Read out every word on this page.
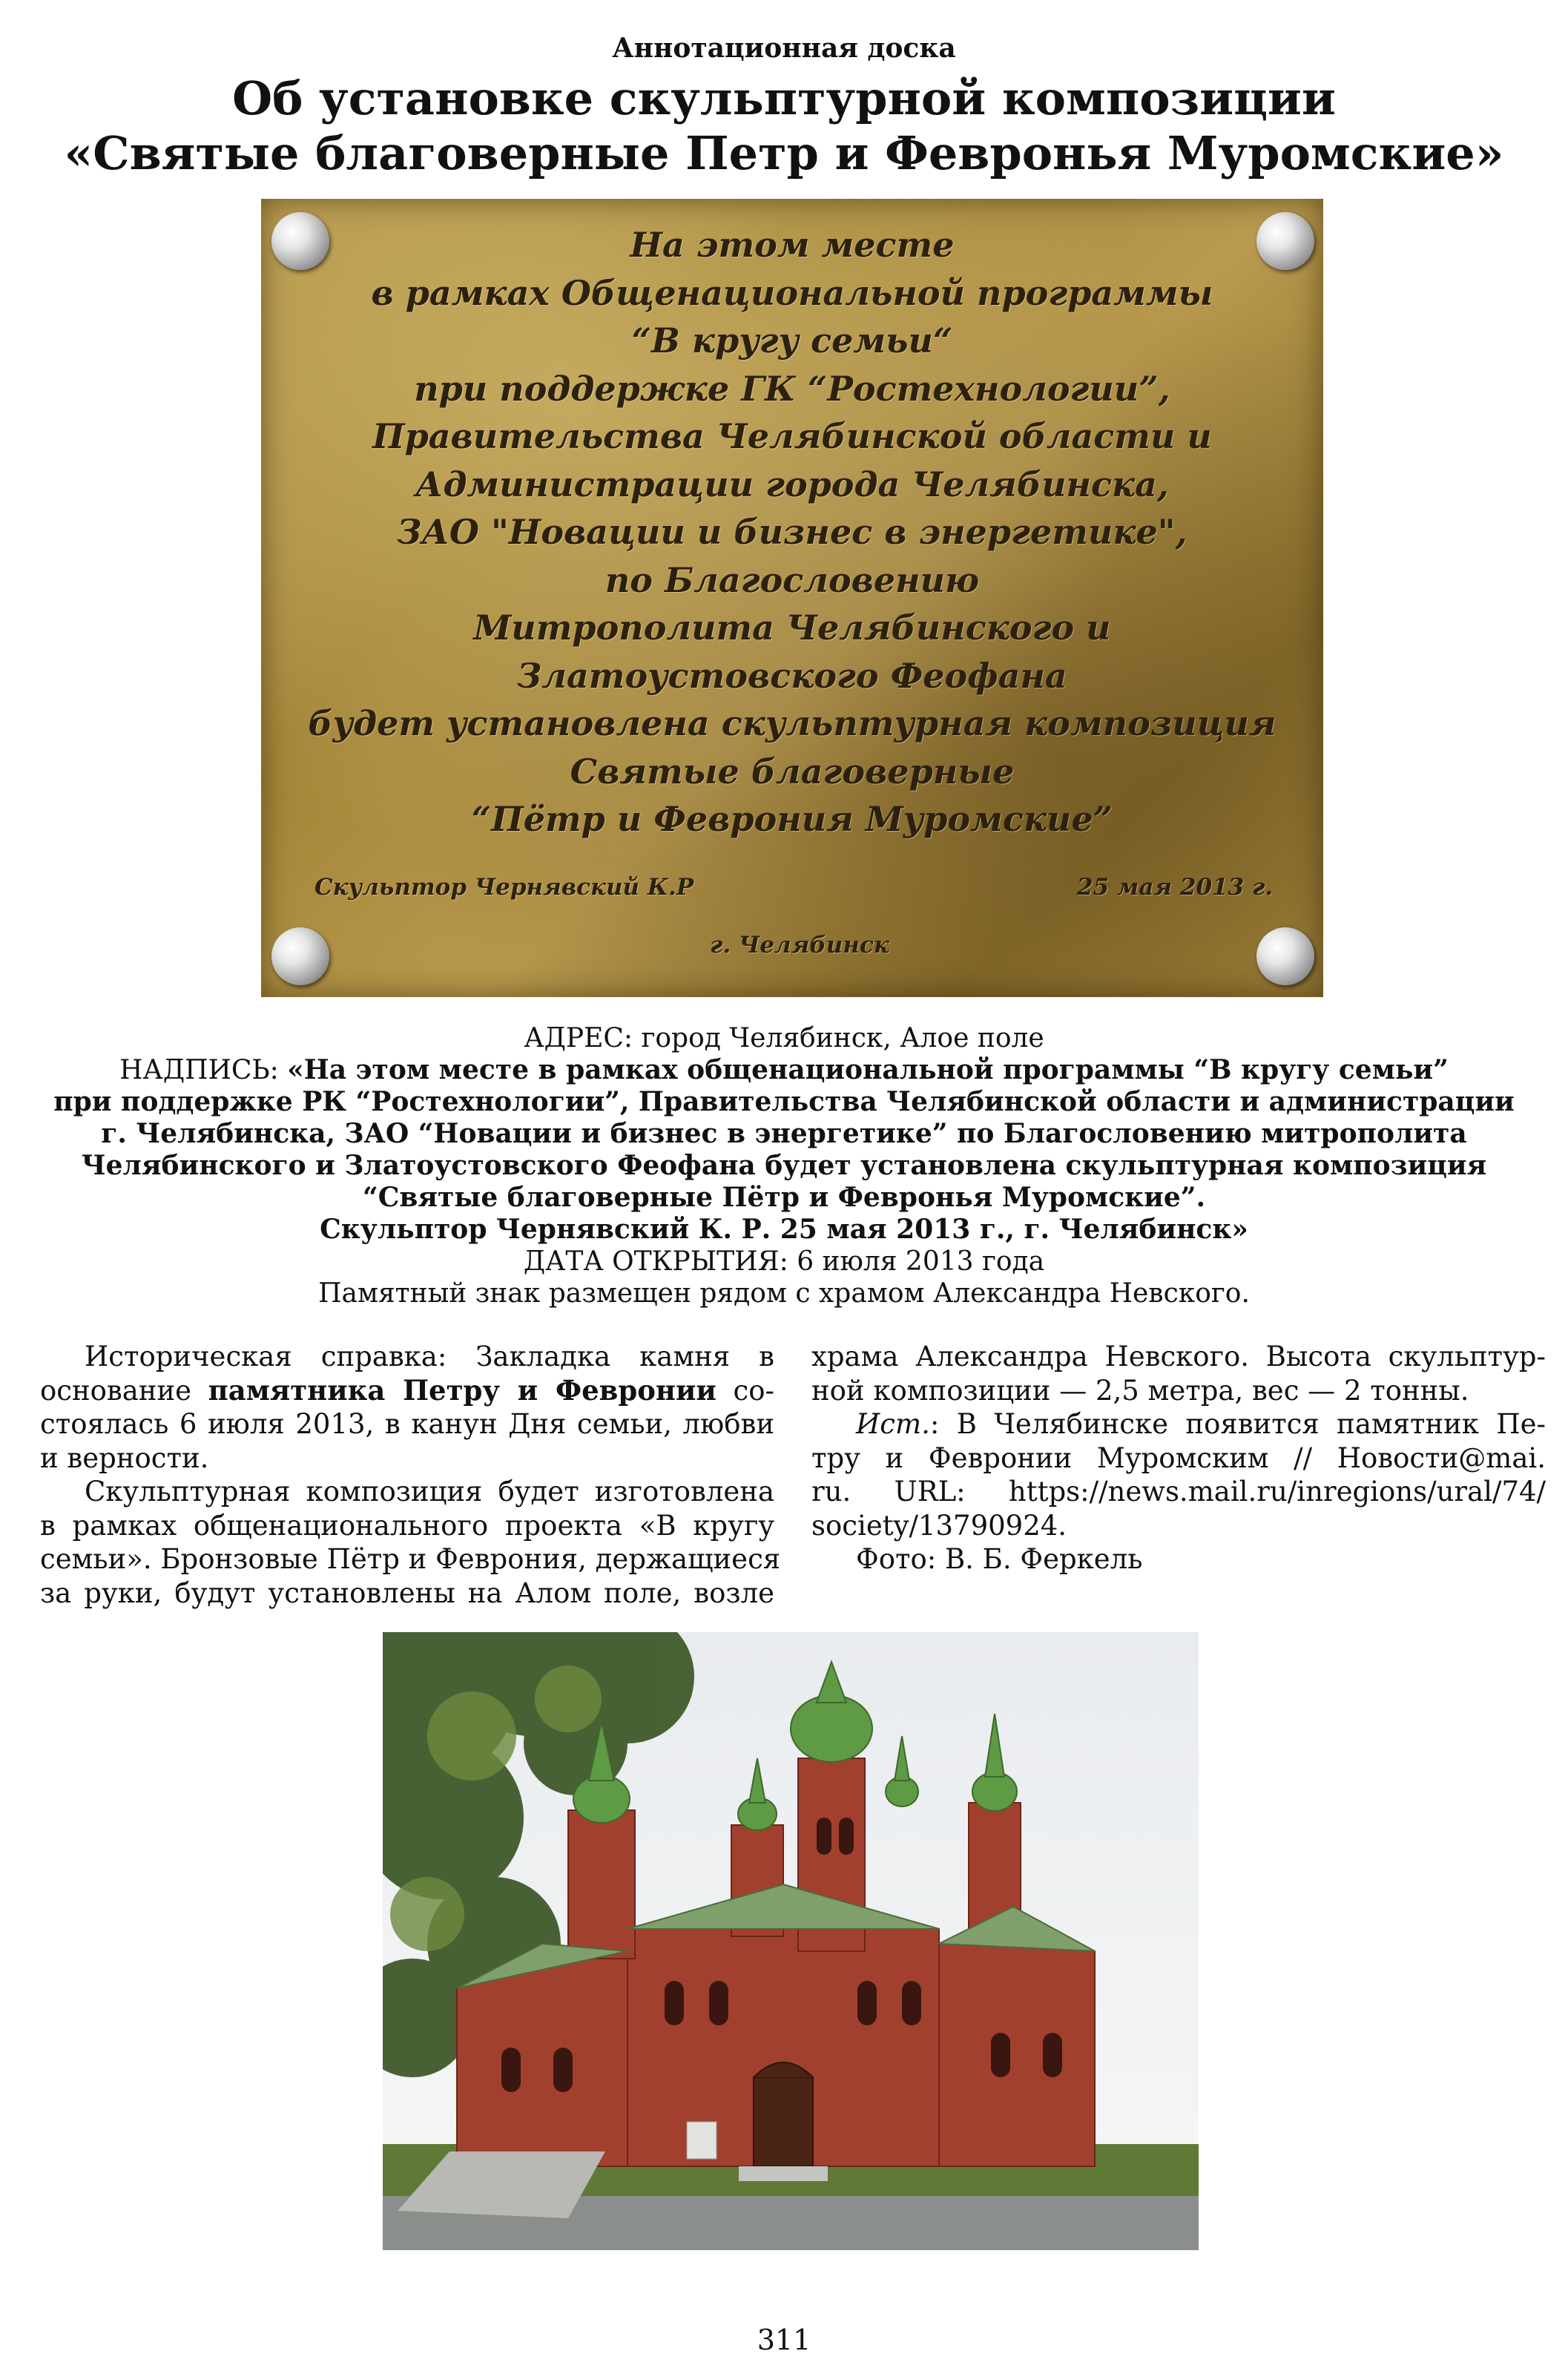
Аннотационная доска
Об установке скульптурной композиции
«Святые благоверные Петр и Февронья Муромские»
На этом месте
в рамках Общенациональной программы
“В кругу семьи“
при поддержке ГК “Ростехнологии”,
Правительства Челябинской области и
Администрации города Челябинска,
ЗАО "Новации и бизнес в энергетике",
по Благословению
Митрополита Челябинского и
Златоустовского Феофана
будет установлена скульптурная композиция
Святые благоверные
“Пётр и Феврония Муромские”
Скульптор Чернявский К.Р	25 мая 2013 г.
г. Челябинск
АДРЕС: город Челябинск, Алое поле
НАДПИСЬ: «На этом месте в рамках общенациональной программы “В кругу семьи”
при поддержке РК “Ростехнологии”, Правительства Челябинской области и администрации
г. Челябинска, ЗАО “Новации и бизнес в энергетике” по Благословению митрополита
Челябинского и Златоустовского Феофана будет установлена скульптурная композиция
“Святые благоверные Пётр и Февронья Муромские”.
Скульптор Чернявский К. Р. 25 мая 2013 г., г. Челябинск»
ДАТА ОТКРЫТИЯ: 6 июля 2013 года
Памятный знак размещен рядом с храмом Александра Невского.
Историческая справка: Закладка камня в
основание памятника Петру и Февронии со-
стоялась 6 июля 2013, в канун Дня семьи, любви
и верности.
Скульптурная композиция будет изготовлена
в рамках общенационального проекта «В кругу
семьи». Бронзовые Пётр и Феврония, держащиеся
за руки, будут установлены на Алом поле, возле
храма Александра Невского. Высота скульптур-
ной композиции — 2,5 метра, вес — 2 тонны.
Ист.: В Челябинске появится памятник Пе-
тру и Февронии Муромским // Новости@mai.
ru. URL: https://news.mail.ru/inregions/ural/74/
society/13790924.
Фото: В. Б. Феркель
311
